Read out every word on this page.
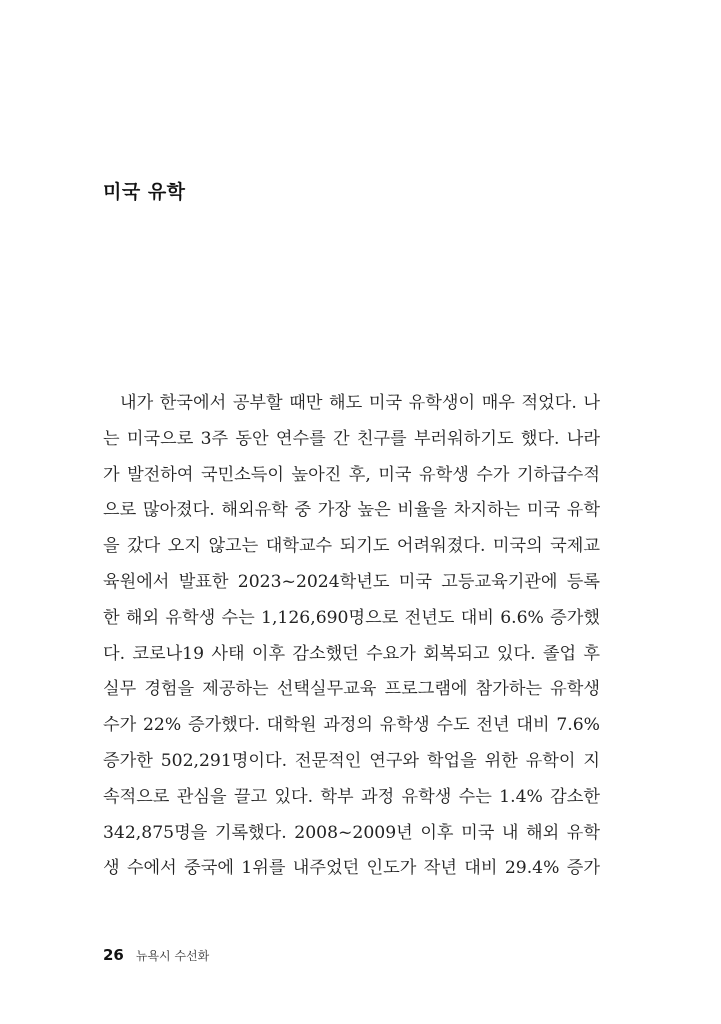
미국 유학
내가 한국에서 공부할 때만 해도 미국 유학생이 매우 적었다. 나
는 미국으로 3주 동안 연수를 간 친구를 부러워하기도 했다. 나라
가 발전하여 국민소득이 높아진 후, 미국 유학생 수가 기하급수적
으로 많아졌다. 해외유학 중 가장 높은 비율을 차지하는 미국 유학
을 갔다 오지 않고는 대학교수 되기도 어려워졌다. 미국의 국제교
육원에서 발표한 2023~2024학년도 미국 고등교육기관에 등록
한 해외 유학생 수는 1,126,690명으로 전년도 대비 6.6% 증가했
다. 코로나19 사태 이후 감소했던 수요가 회복되고 있다. 졸업 후
실무 경험을 제공하는 선택실무교육 프로그램에 참가하는 유학생
수가 22% 증가했다. 대학원 과정의 유학생 수도 전년 대비 7.6%
증가한 502,291명이다. 전문적인 연구와 학업을 위한 유학이 지
속적으로 관심을 끌고 있다. 학부 과정 유학생 수는 1.4% 감소한
342,875명을 기록했다. 2008~2009년 이후 미국 내 해외 유학
생 수에서 중국에 1위를 내주었던 인도가 작년 대비 29.4% 증가
26 뉴욕시 수선화
